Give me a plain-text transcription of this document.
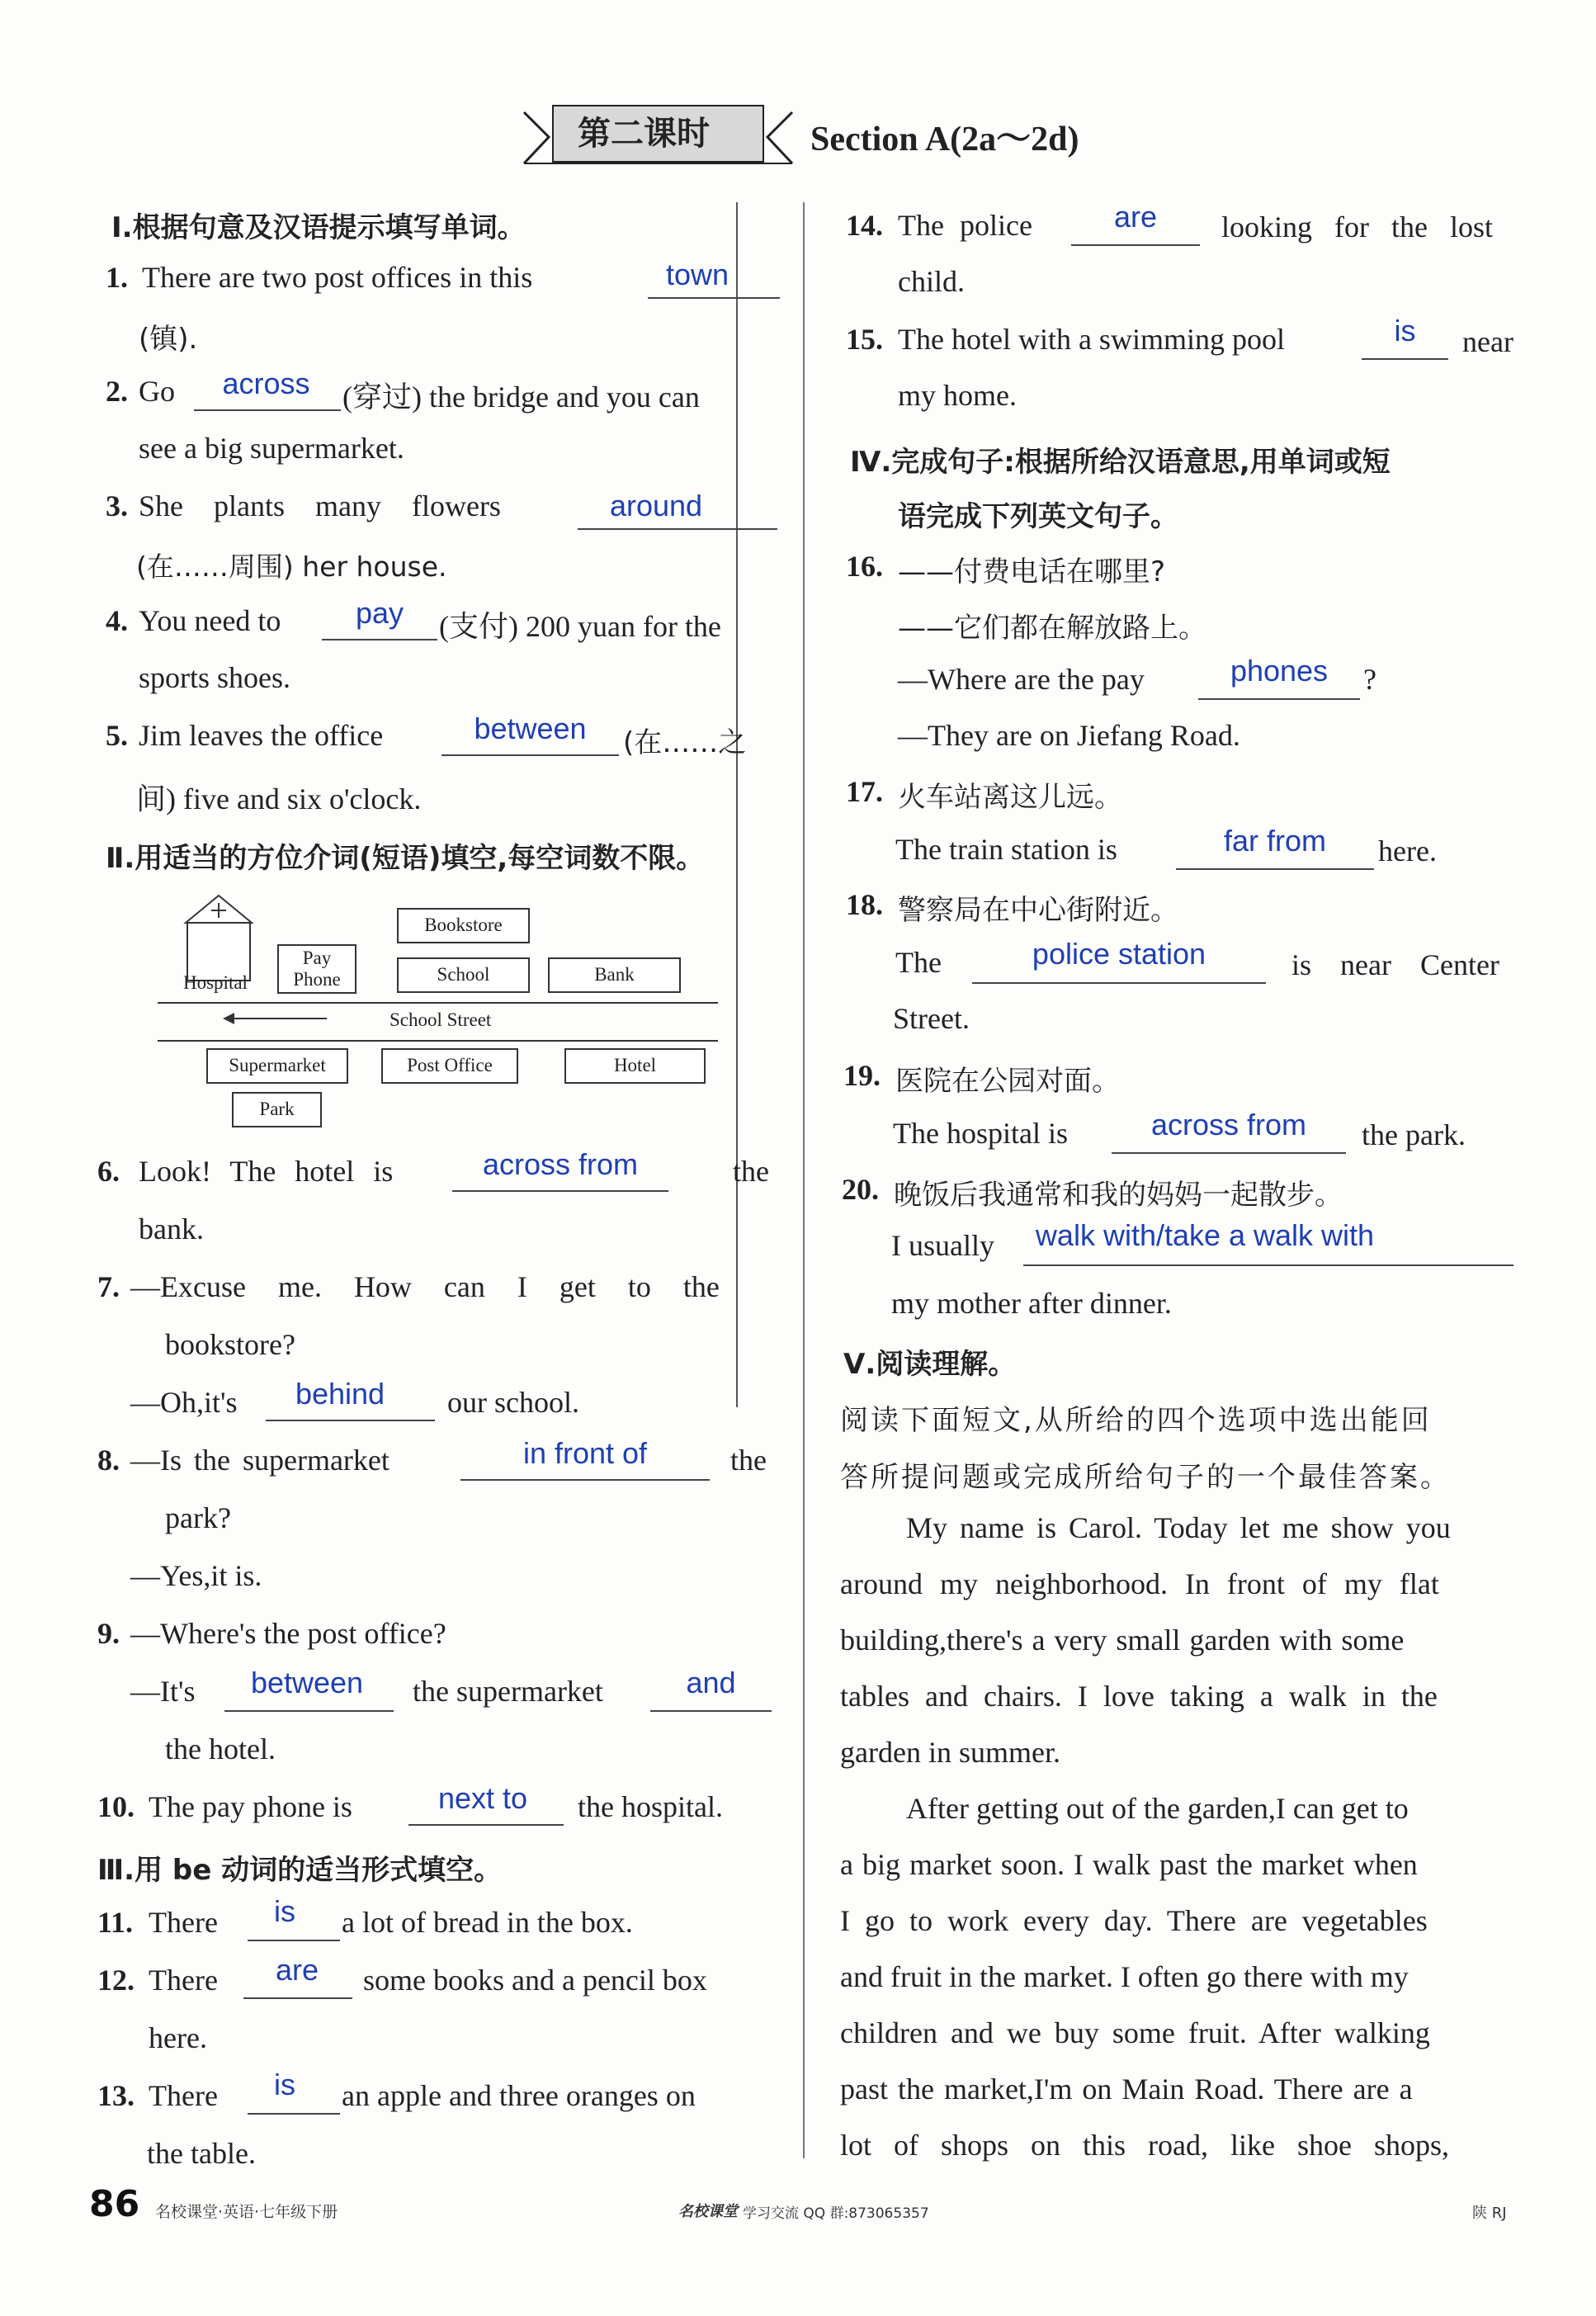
第二课时	Section A(2a～2d)
Ⅰ.根据句意及汉语提示填写单词。
1. There are two post offices in this	town
(镇).
2. Go	across	(穿过) the bridge and you can
see a big supermarket.
3. She plants many flowers	around
(在……周围) her house.
4. You need to	pay	(支付) 200 yuan for the
sports shoes.
5. Jim leaves the office	between	(在……之
间) five and six o'clock.
Ⅱ.用适当的方位介词(短语)填空,每空词数不限。
Hospital
Pay Phone
Bookstore
School	Bank
School Street
Supermarket	Post Office	Hotel
Park
6. Look! The hotel is	across from	the
bank.
7. —Excuse me. How can I get to the
bookstore?
—Oh,it's	behind	our school.
8. —Is the supermarket	in front of	the
park?
—Yes,it is.
9. —Where's the post office?
—It's	between	the supermarket	and
the hotel.
10. The pay phone is	next to	the hospital.
Ⅲ.用 be 动词的适当形式填空。
11. There	is	a lot of bread in the box.
12. There	are	some books and a pencil box
here.
13. There	is	an apple and three oranges on
the table.
14. The police	are	looking for the lost
child.
15. The hotel with a swimming pool	is	near
my home.
Ⅳ.完成句子:根据所给汉语意思,用单词或短
语完成下列英文句子。
16. ——付费电话在哪里?
——它们都在解放路上。
—Where are the pay	phones	?
—They are on Jiefang Road.
17. 火车站离这儿远。
The train station is	far from	here.
18. 警察局在中心街附近。
The	police station	is near Center
Street.
19. 医院在公园对面。
The hospital is	across from	the park.
20. 晚饭后我通常和我的妈妈一起散步。
I usually	walk with/take a walk with
my mother after dinner.
Ⅴ.阅读理解。
阅读下面短文,从所给的四个选项中选出能回
答所提问题或完成所给句子的一个最佳答案。
My name is Carol. Today let me show you
around my neighborhood. In front of my flat
building,there's a very small garden with some
tables and chairs. I love taking a walk in the
garden in summer.
After getting out of the garden,I can get to
a big market soon. I walk past the market when
I go to work every day. There are vegetables
and fruit in the market. I often go there with my
children and we buy some fruit. After walking
past the market,I'm on Main Road. There are a
lot of shops on this road, like shoe shops,
86 名校课堂·英语·七年级下册	名校课堂 学习交流 QQ 群:873065357	陕 RJ
